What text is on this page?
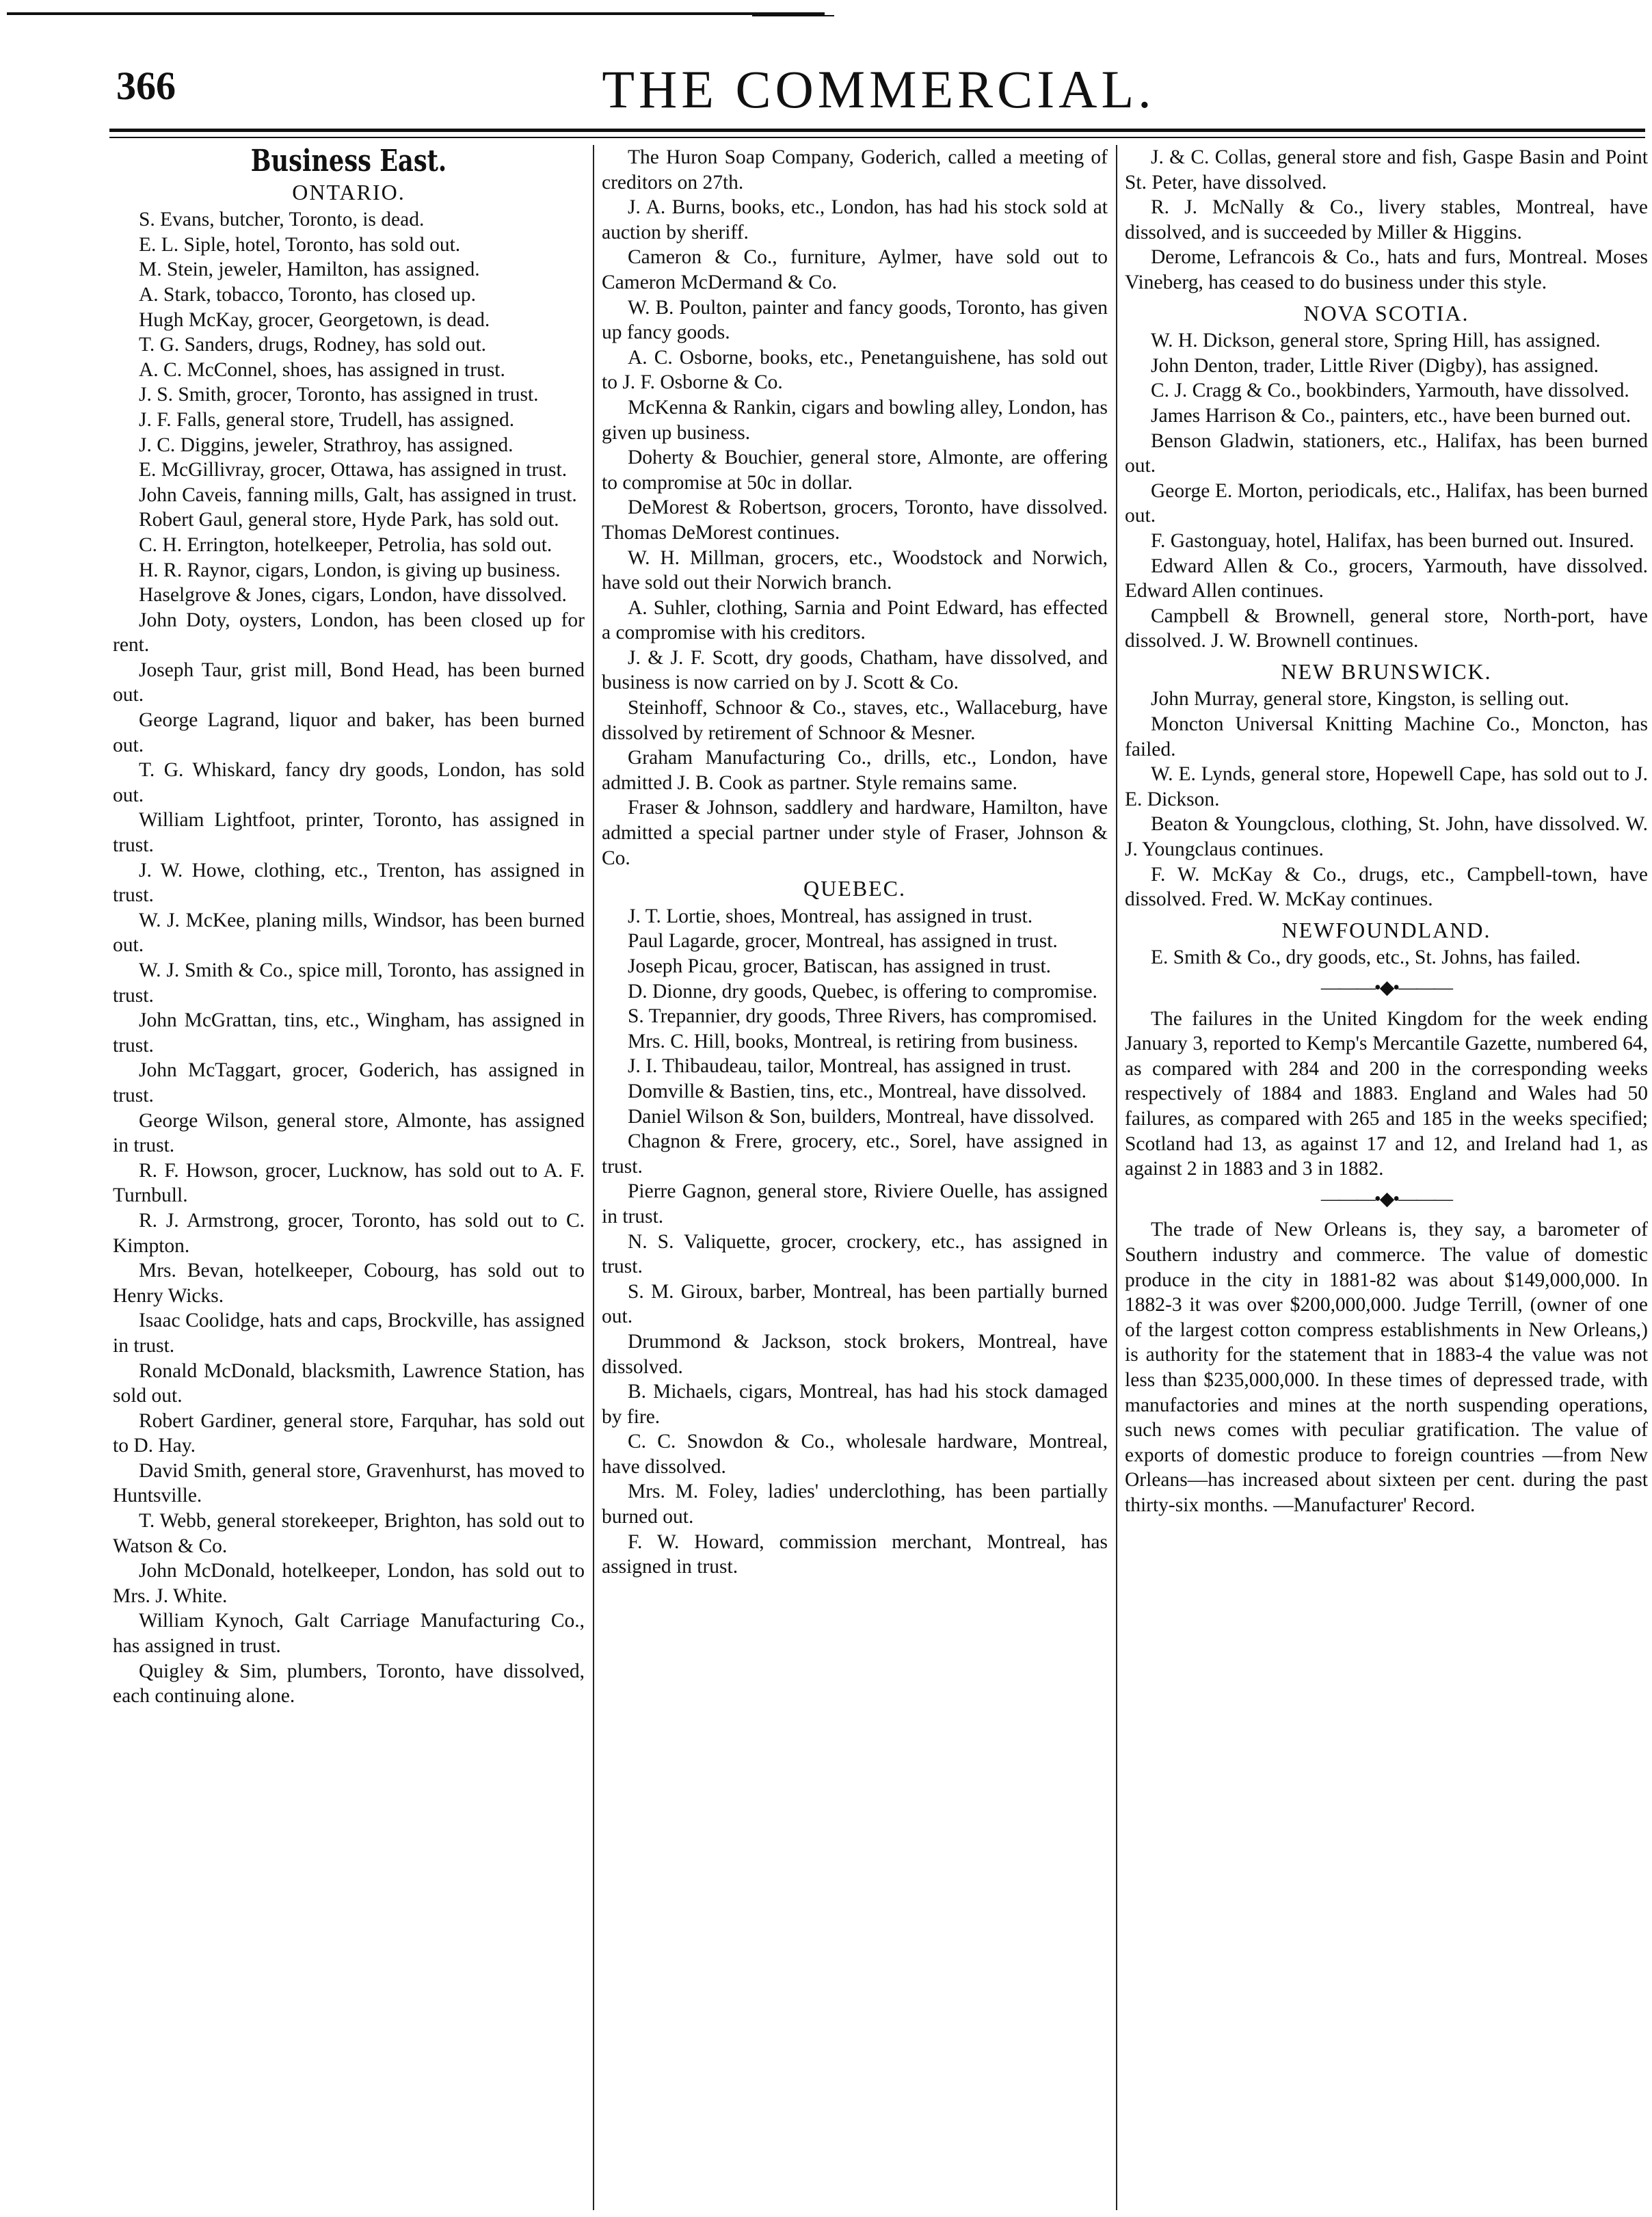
366	THE COMMERCIAL.
Business East.
ONTARIO.

S. Evans, butcher, Toronto, is dead.

E. L. Siple, hotel, Toronto, has sold out.

M. Stein, jeweler, Hamilton, has assigned.

A. Stark, tobacco, Toronto, has closed up.

Hugh McKay, grocer, Georgetown, is dead.

T. G. Sanders, drugs, Rodney, has sold out.

A. C. McConnel, shoes, has assigned in trust.

J. S. Smith, grocer, Toronto, has assigned in trust.

J. F. Falls, general store, Trudell, has assigned.

J. C. Diggins, jeweler, Strathroy, has assigned.

E. McGillivray, grocer, Ottawa, has assigned in trust.

John Caveis, fanning mills, Galt, has assigned in trust.

Robert Gaul, general store, Hyde Park, has sold out.

C. H. Errington, hotelkeeper, Petrolia, has sold out.

H. R. Raynor, cigars, London, is giving up business.

Haselgrove & Jones, cigars, London, have dissolved.

John Doty, oysters, London, has been closed up for rent.

Joseph Taur, grist mill, Bond Head, has been burned out.

George Lagrand, liquor and baker, has been burned out.

T. G. Whiskard, fancy dry goods, London, has sold out.

William Lightfoot, printer, Toronto, has assigned in trust.

J. W. Howe, clothing, etc., Trenton, has assigned in trust.

W. J. McKee, planing mills, Windsor, has been burned out.

W. J. Smith & Co., spice mill, Toronto, has assigned in trust.

John McGrattan, tins, etc., Wingham, has assigned in trust.

John McTaggart, grocer, Goderich, has assigned in trust.

George Wilson, general store, Almonte, has assigned in trust.

R. F. Howson, grocer, Lucknow, has sold out to A. F. Turnbull.

R. J. Armstrong, grocer, Toronto, has sold out to C. Kimpton.

Mrs. Bevan, hotelkeeper, Cobourg, has sold out to Henry Wicks.

Isaac Coolidge, hats and caps, Brockville, has assigned in trust.

Ronald McDonald, blacksmith, Lawrence Station, has sold out.

Robert Gardiner, general store, Farquhar, has sold out to D. Hay.

David Smith, general store, Gravenhurst, has moved to Huntsville.

T. Webb, general storekeeper, Brighton, has sold out to Watson & Co.

John McDonald, hotelkeeper, London, has sold out to Mrs. J. White.

William Kynoch, Galt Carriage Manufacturing Co., has assigned in trust.

Quigley & Sim, plumbers, Toronto, have dissolved, each continuing alone.

The Huron Soap Company, Goderich, called a meeting of creditors on 27th.

J. A. Burns, books, etc., London, has had his stock sold at auction by sheriff.

Cameron & Co., furniture, Aylmer, have sold out to Cameron McDermand & Co.

W. B. Poulton, painter and fancy goods, Toronto, has given up fancy goods.

A. C. Osborne, books, etc., Penetanguishene, has sold out to J. F. Osborne & Co.

McKenna & Rankin, cigars and bowling alley, London, has given up business.

Doherty & Bouchier, general store, Almonte, are offering to compromise at 50c in dollar.

DeMorest & Robertson, grocers, Toronto, have dissolved. Thomas DeMorest continues.

W. H. Millman, grocers, etc., Woodstock and Norwich, have sold out their Norwich branch.

A. Suhler, clothing, Sarnia and Point Edward, has effected a compromise with his creditors.

J. & J. F. Scott, dry goods, Chatham, have dissolved, and business is now carried on by J. Scott & Co.

Steinhoff, Schnoor & Co., staves, etc., Wallaceburg, have dissolved by retirement of Schnoor & Mesner.

Graham Manufacturing Co., drills, etc., London, have admitted J. B. Cook as partner. Style remains same.

Fraser & Johnson, saddlery and hardware, Hamilton, have admitted a special partner under style of Fraser, Johnson & Co.

QUEBEC.

J. T. Lortie, shoes, Montreal, has assigned in trust.

Paul Lagarde, grocer, Montreal, has assigned in trust.

Joseph Picau, grocer, Batiscan, has assigned in trust.

D. Dionne, dry goods, Quebec, is offering to compromise.

S. Trepannier, dry goods, Three Rivers, has compromised.

Mrs. C. Hill, books, Montreal, is retiring from business.

J. I. Thibaudeau, tailor, Montreal, has assigned in trust.

Domville & Bastien, tins, etc., Montreal, have dissolved.

Daniel Wilson & Son, builders, Montreal, have dissolved.

Chagnon & Frere, grocery, etc., Sorel, have assigned in trust.

Pierre Gagnon, general store, Riviere Ouelle, has assigned in trust.

N. S. Valiquette, grocer, crockery, etc., has assigned in trust.

S. M. Giroux, barber, Montreal, has been partially burned out.

Drummond & Jackson, stock brokers, Montreal, have dissolved.

B. Michaels, cigars, Montreal, has had his stock damaged by fire.

C. C. Snowdon & Co., wholesale hardware, Montreal, have dissolved.

Mrs. M. Foley, ladies' underclothing, has been partially burned out.

F. W. Howard, commission merchant, Montreal, has assigned in trust.

J. & C. Collas, general store and fish, Gaspe Basin and Point St. Peter, have dissolved.

R. J. McNally & Co., livery stables, Montreal, have dissolved, and is succeeded by Miller & Higgins.

Derome, Lefrancois & Co., hats and furs, Montreal. Moses Vineberg, has ceased to do business under this style.

NOVA SCOTIA.

W. H. Dickson, general store, Spring Hill, has assigned.

John Denton, trader, Little River (Digby), has assigned.

C. J. Cragg & Co., bookbinders, Yarmouth, have dissolved.

James Harrison & Co., painters, etc., have been burned out.

Benson Gladwin, stationers, etc., Halifax, has been burned out.

George E. Morton, periodicals, etc., Halifax, has been burned out.

F. Gastonguay, hotel, Halifax, has been burned out. Insured.

Edward Allen & Co., grocers, Yarmouth, have dissolved. Edward Allen continues.

Campbell & Brownell, general store, North-port, have dissolved. J. W. Brownell continues.

NEW BRUNSWICK.

John Murray, general store, Kingston, is selling out.

Moncton Universal Knitting Machine Co., Moncton, has failed.

W. E. Lynds, general store, Hopewell Cape, has sold out to J. E. Dickson.

Beaton & Youngclous, clothing, St. John, have dissolved. W. J. Youngclaus continues.

F. W. McKay & Co., drugs, etc., Campbell-town, have dissolved. Fred. W. McKay continues.

NEWFOUNDLAND.

E. Smith & Co., dry goods, etc., St. Johns, has failed.

———•◆•———

The failures in the United Kingdom for the week ending January 3, reported to Kemp's Mercantile Gazette, numbered 64, as compared with 284 and 200 in the corresponding weeks respectively of 1884 and 1883. England and Wales had 50 failures, as compared with 265 and 185 in the weeks specified; Scotland had 13, as against 17 and 12, and Ireland had 1, as against 2 in 1883 and 3 in 1882.

———•◆•———

The trade of New Orleans is, they say, a barometer of Southern industry and commerce. The value of domestic produce in the city in 1881-82 was about $149,000,000. In 1882-3 it was over $200,000,000. Judge Terrill, (owner of one of the largest cotton compress establishments in New Orleans,) is authority for the statement that in 1883-4 the value was not less than $235,000,000. In these times of depressed trade, with manufactories and mines at the north suspending operations, such news comes with peculiar gratification. The value of exports of domestic produce to foreign countries —from New Orleans—has increased about sixteen per cent. during the past thirty-six months. —Manufacturer' Record.
